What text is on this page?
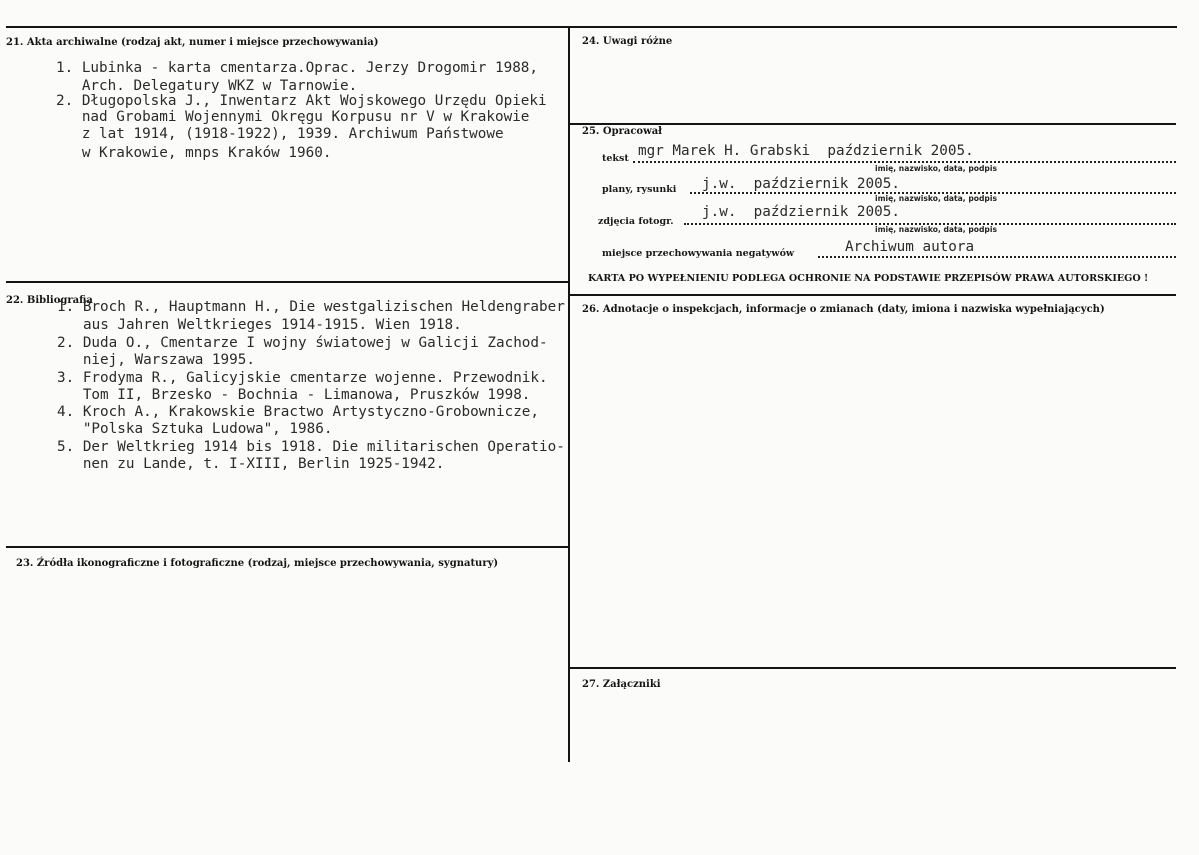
21. Akta archiwalne (rodzaj akt, numer i miejsce przechowywania)
1. Lubinka - karta cmentarza.Oprac. Jerzy Drogomir 1988,
Arch. Delegatury WKZ w Tarnowie.
2. Długopolska J., Inwentarz Akt Wojskowego Urzędu Opieki
nad Grobami Wojennymi Okręgu Korpusu nr V w Krakowie
z lat 1914, (1918-1922), 1939. Archiwum Państwowe
w Krakowie, mnps Kraków 1960.
22. Bibliografia
1. Broch R., Hauptmann H., Die westgalizischen Heldengraber
aus Jahren Weltkrieges 1914-1915. Wien 1918.
2. Duda O., Cmentarze I wojny światowej w Galicji Zachod-
niej, Warszawa 1995.
3. Frodyma R., Galicyjskie cmentarze wojenne. Przewodnik.
Tom II, Brzesko - Bochnia - Limanowa, Pruszków 1998.
4. Kroch A., Krakowskie Bractwo Artystyczno-Grobownicze,
"Polska Sztuka Ludowa", 1986.
5. Der Weltkrieg 1914 bis 1918. Die militarischen Operatio-
nen zu Lande, t. I-XIII, Berlin 1925-1942.
23. Źródła ikonograficzne i fotograficzne (rodzaj, miejsce przechowywania, sygnatury)
24. Uwagi różne
25. Opracował
tekst mgr Marek H. Grabski  październik 2005.
imię, nazwisko, data, podpis
plany, rysunki j.w.  październik 2005.
imię, nazwisko, data, podpis
zdjęcia fotogr.
j.w.  październik 2005.
imię, nazwisko, data, podpis
miejsce przechowywania negatywów	Archiwum autora
KARTA PO WYPEŁNIENIU PODLEGA OCHRONIE NA PODSTAWIE PRZEPISÓW PRAWA AUTORSKIEGO !
26. Adnotacje o inspekcjach, informacje o zmianach (daty, imiona i nazwiska wypełniających)
27. Załączniki
